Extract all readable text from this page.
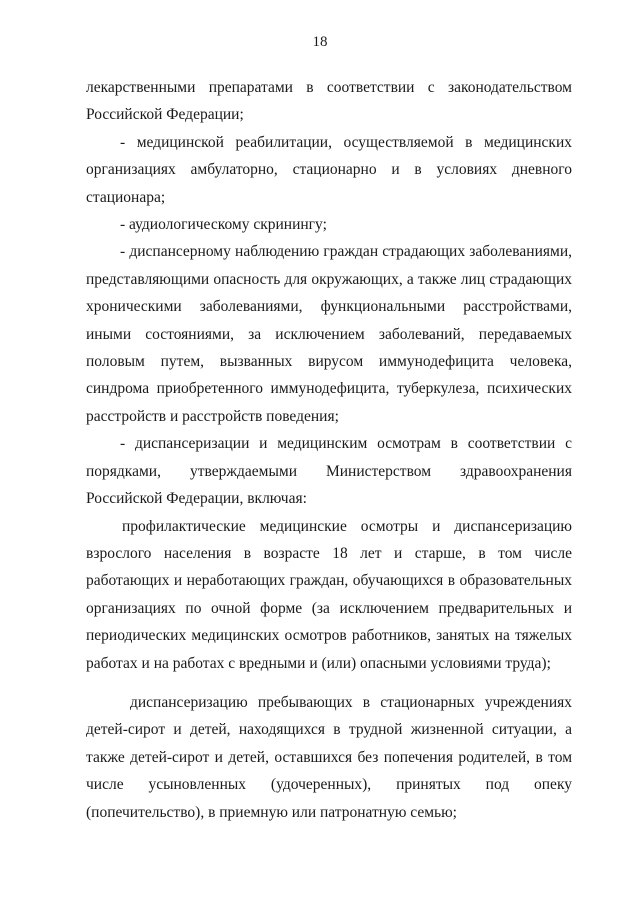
18

лекарственными препаратами в соответствии с законодательством Российской Федерации;

- медицинской реабилитации, осуществляемой в медицинских организациях амбулаторно, стационарно и в условиях дневного стационара;

- аудиологическому скринингу;

- диспансерному наблюдению граждан страдающих заболеваниями, представляющими опасность для окружающих, а также лиц страдающих хроническими заболеваниями, функциональными расстройствами, иными состояниями, за исключением заболеваний, передаваемых половым путем, вызванных вирусом иммунодефицита человека, синдрома приобретенного иммунодефицита, туберкулеза, психических расстройств и расстройств поведения;

- диспансеризации и медицинским осмотрам в соответствии с порядками, утверждаемыми Министерством здравоохранения Российской Федерации, включая:

профилактические медицинские осмотры и диспансеризацию взрослого населения в возрасте 18 лет и старше, в том числе работающих и неработающих граждан, обучающихся в образовательных организациях по очной форме (за исключением предварительных и периодических медицинских осмотров работников, занятых на тяжелых работах и на работах с вредными и (или) опасными условиями труда);

диспансеризацию пребывающих в стационарных учреждениях детей-сирот и детей, находящихся в трудной жизненной ситуации, а также детей-сирот и детей, оставшихся без попечения родителей, в том числе усыновленных (удочеренных), принятых под опеку (попечительство), в приемную или патронатную семью;
